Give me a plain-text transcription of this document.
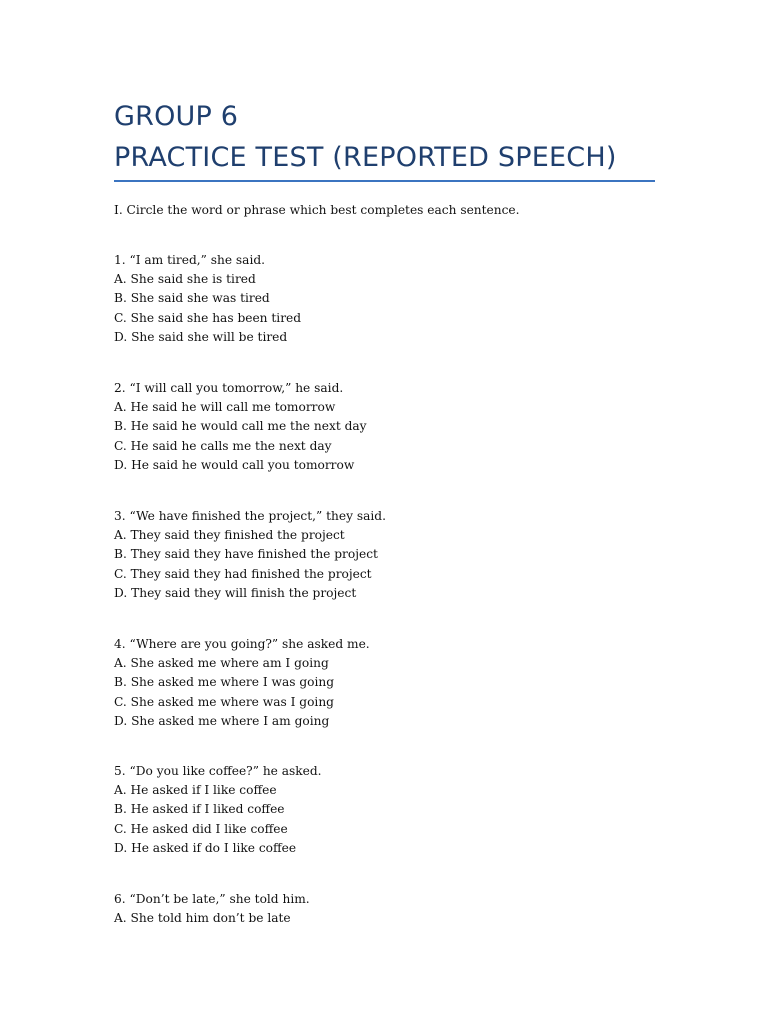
GROUP 6
PRACTICE TEST (REPORTED SPEECH)
I. Circle the word or phrase which best completes each sentence.
1. “I am tired,” she said.
A. She said she is tired
B. She said she was tired
C. She said she has been tired
D. She said she will be tired
2. “I will call you tomorrow,” he said.
A. He said he will call me tomorrow
B. He said he would call me the next day
C. He said he calls me the next day
D. He said he would call you tomorrow
3. “We have finished the project,” they said.
A. They said they finished the project
B. They said they have finished the project
C. They said they had finished the project
D. They said they will finish the project
4. “Where are you going?” she asked me.
A. She asked me where am I going
B. She asked me where I was going
C. She asked me where was I going
D. She asked me where I am going
5. “Do you like coffee?” he asked.
A. He asked if I like coffee
B. He asked if I liked coffee
C. He asked did I like coffee
D. He asked if do I like coffee
6. “Don’t be late,” she told him.
A. She told him don’t be late
